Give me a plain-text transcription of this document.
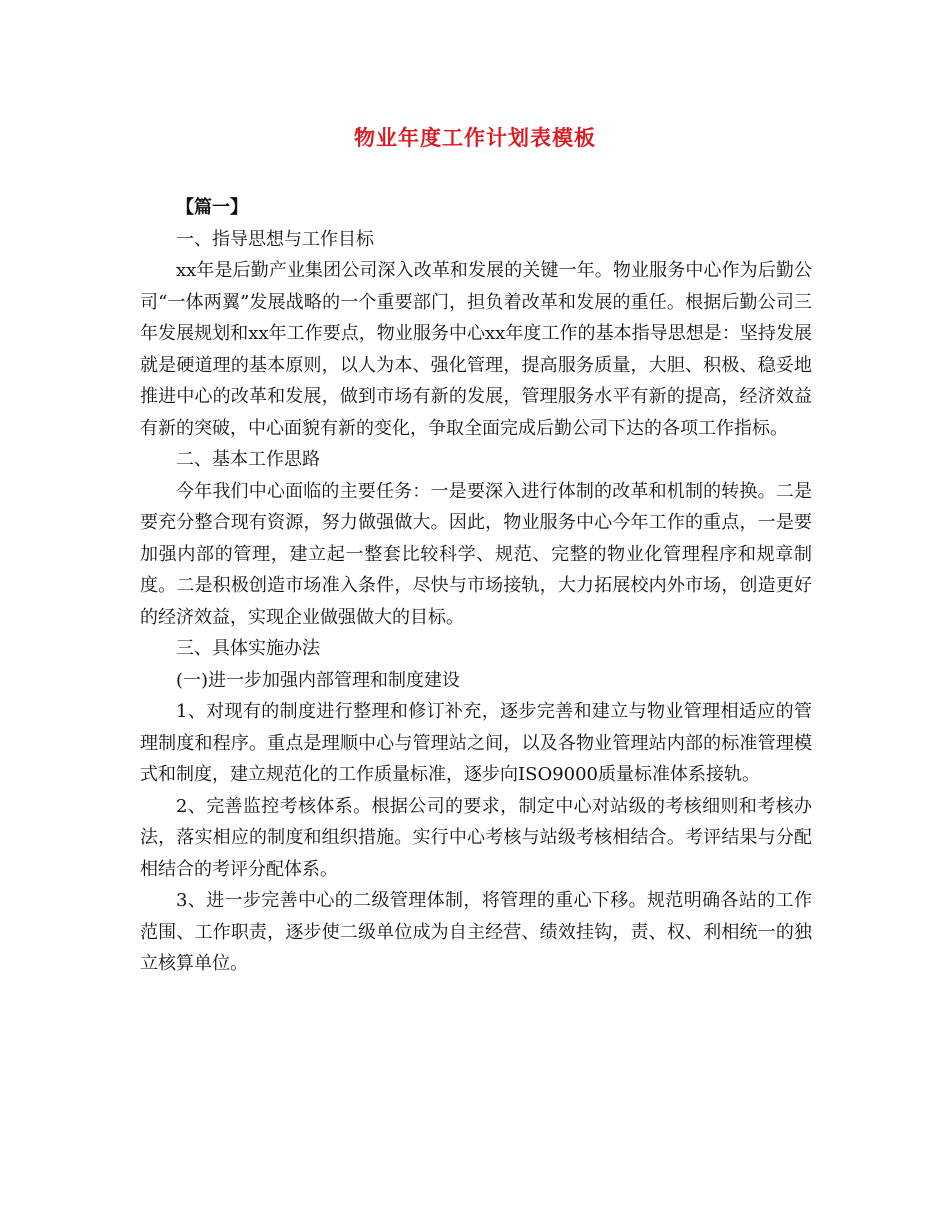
物业年度工作计划表模板

【篇一】

一、指导思想与工作目标

xx年是后勤产业集团公司深入改革和发展的关键一年。物业服务中心作为后勤公司“一体两翼”发展战略的一个重要部门，担负着改革和发展的重任。根据后勤公司三年发展规划和xx年工作要点，物业服务中心xx年度工作的基本指导思想是：坚持发展就是硬道理的基本原则，以人为本、强化管理，提高服务质量，大胆、积极、稳妥地推进中心的改革和发展，做到市场有新的发展，管理服务水平有新的提高，经济效益有新的突破，中心面貌有新的变化，争取全面完成后勤公司下达的各项工作指标。

二、基本工作思路

今年我们中心面临的主要任务：一是要深入进行体制的改革和机制的转换。二是要充分整合现有资源，努力做强做大。因此，物业服务中心今年工作的重点，一是要加强内部的管理，建立起一整套比较科学、规范、完整的物业化管理程序和规章制度。二是积极创造市场准入条件，尽快与市场接轨，大力拓展校内外市场，创造更好的经济效益，实现企业做强做大的目标。

三、具体实施办法

(一)进一步加强内部管理和制度建设

1、对现有的制度进行整理和修订补充，逐步完善和建立与物业管理相适应的管理制度和程序。重点是理顺中心与管理站之间，以及各物业管理站内部的标准管理模式和制度，建立规范化的工作质量标准，逐步向ISO9000质量标准体系接轨。

2、完善监控考核体系。根据公司的要求，制定中心对站级的考核细则和考核办法，落实相应的制度和组织措施。实行中心考核与站级考核相结合。考评结果与分配相结合的考评分配体系。

3、进一步完善中心的二级管理体制，将管理的重心下移。规范明确各站的工作范围、工作职责，逐步使二级单位成为自主经营、绩效挂钩，责、权、利相统一的独立核算单位。
